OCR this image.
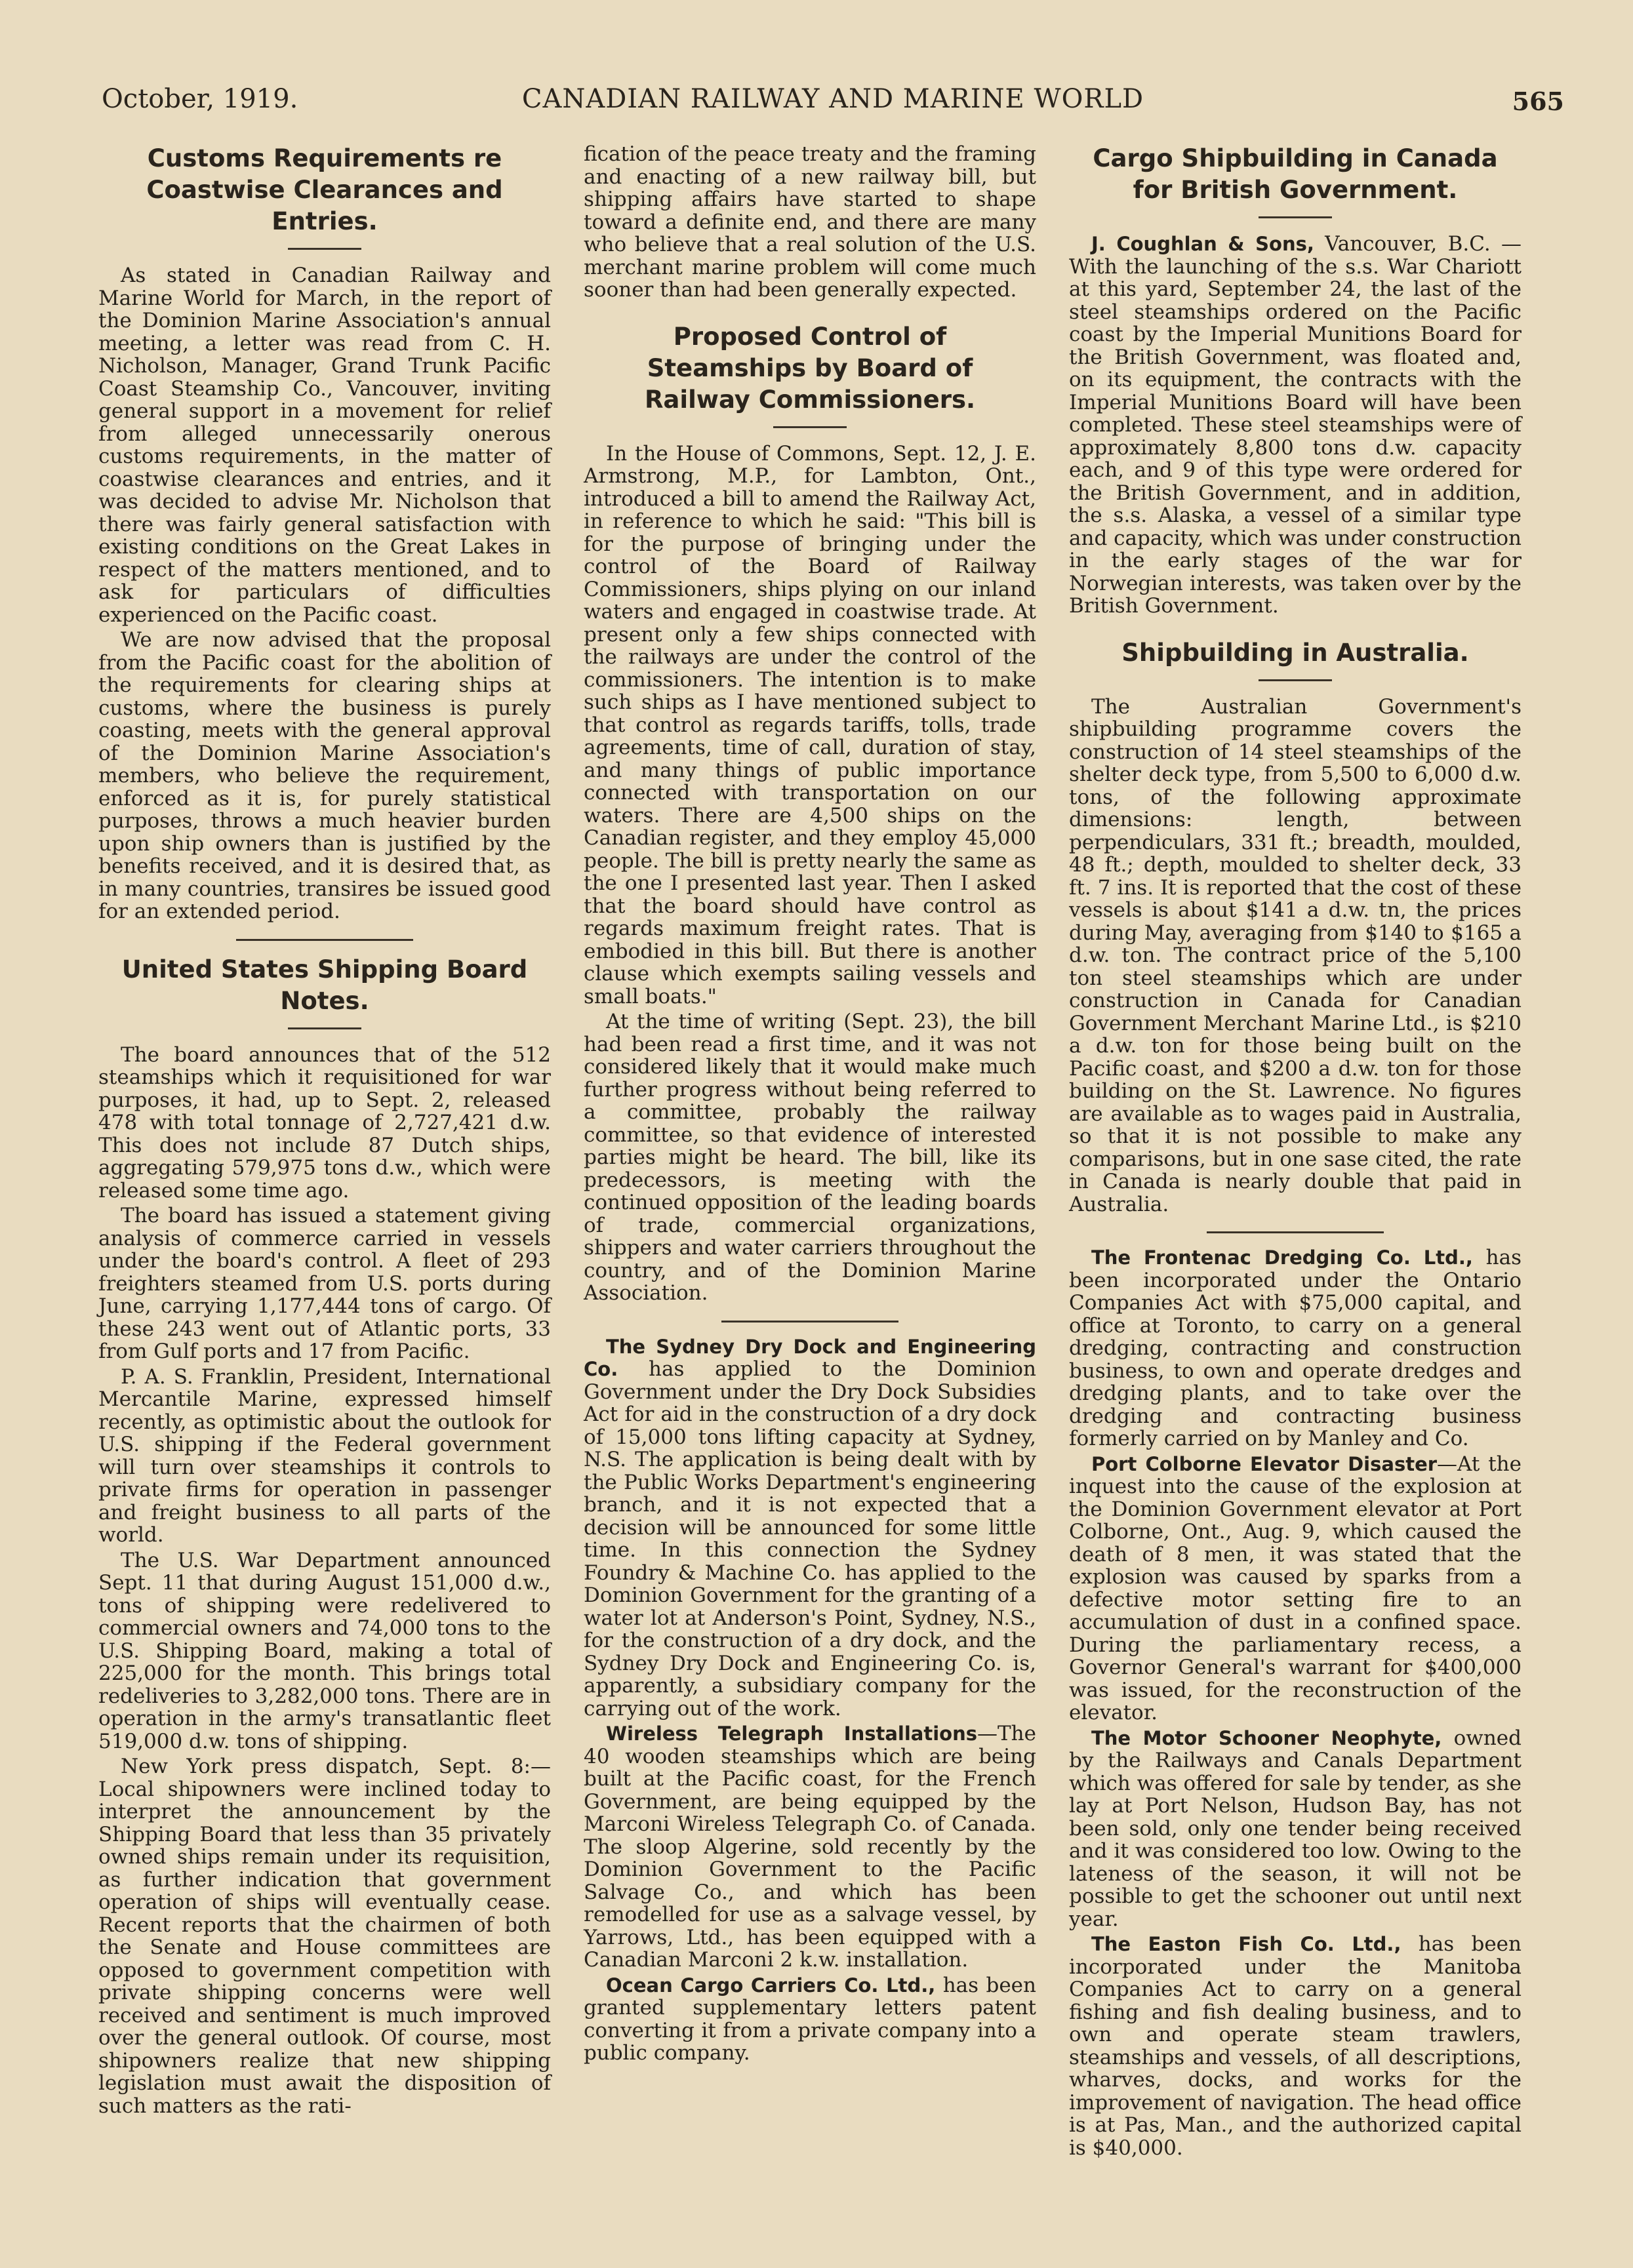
October, 1919.	CANADIAN RAILWAY AND MARINE WORLD	565
Customs Requirements re Coastwise Clearances and Entries.

As stated in Canadian Railway and Marine World for March, in the report of the Dominion Marine Association's annual meeting, a letter was read from C. H. Nicholson, Manager, Grand Trunk Pacific Coast Steamship Co., Vancouver, inviting general support in a movement for relief from alleged unnecessarily onerous customs requirements, in the matter of coastwise clearances and entries, and it was decided to advise Mr. Nicholson that there was fairly general satisfaction with existing conditions on the Great Lakes in respect of the matters mentioned, and to ask for particulars of difficulties experienced on the Pacific coast.

We are now advised that the proposal from the Pacific coast for the abolition of the requirements for clearing ships at customs, where the business is purely coasting, meets with the general approval of the Dominion Marine Association's members, who believe the requirement, enforced as it is, for purely statistical purposes, throws a much heavier burden upon ship owners than is justified by the benefits received, and it is desired that, as in many countries, transires be issued good for an extended period.

United States Shipping Board Notes.

The board announces that of the 512 steamships which it requisitioned for war purposes, it had, up to Sept. 2, released 478 with total tonnage of 2,727,421 d.w. This does not include 87 Dutch ships, aggregating 579,975 tons d.w., which were released some time ago.

The board has issued a statement giving analysis of commerce carried in vessels under the board's control. A fleet of 293 freighters steamed from U.S. ports during June, carrying 1,177,444 tons of cargo. Of these 243 went out of Atlantic ports, 33 from Gulf ports and 17 from Pacific.

P. A. S. Franklin, President, International Mercantile Marine, expressed himself recently, as optimistic about the outlook for U.S. shipping if the Federal government will turn over steamships it controls to private firms for operation in passenger and freight business to all parts of the world.

The U.S. War Department announced Sept. 11 that during August 151,000 d.w., tons of shipping were redelivered to commercial owners and 74,000 tons to the U.S. Shipping Board, making a total of 225,000 for the month. This brings total redeliveries to 3,282,000 tons. There are in operation in the army's transatlantic fleet 519,000 d.w. tons of shipping.

New York press dispatch, Sept. 8:— Local shipowners were inclined today to interpret the announcement by the Shipping Board that less than 35 privately owned ships remain under its requisition, as further indication that government operation of ships will eventually cease. Recent reports that the chairmen of both the Senate and House committees are opposed to government competition with private shipping concerns were well received and sentiment is much improved over the general outlook. Of course, most shipowners realize that new shipping legislation must await the disposition of such matters as the rati-

fication of the peace treaty and the framing and enacting of a new railway bill, but shipping affairs have started to shape toward a definite end, and there are many who believe that a real solution of the U.S. merchant marine problem will come much sooner than had been generally expected.

Proposed Control of Steamships by Board of Railway Commissioners.

In the House of Commons, Sept. 12, J. E. Armstrong, M.P., for Lambton, Ont., introduced a bill to amend the Railway Act, in reference to which he said: "This bill is for the purpose of bringing under the control of the Board of Railway Commissioners, ships plying on our inland waters and engaged in coastwise trade. At present only a few ships connected with the railways are under the control of the commissioners. The intention is to make such ships as I have mentioned subject to that control as regards tariffs, tolls, trade agreements, time of call, duration of stay, and many things of public importance connected with transportation on our waters. There are 4,500 ships on the Canadian register, and they employ 45,000 people. The bill is pretty nearly the same as the one I presented last year. Then I asked that the board should have control as regards maximum freight rates. That is embodied in this bill. But there is another clause which exempts sailing vessels and small boats."

At the time of writing (Sept. 23), the bill had been read a first time, and it was not considered likely that it would make much further progress without being referred to a committee, probably the railway committee, so that evidence of interested parties might be heard. The bill, like its predecessors, is meeting with the continued opposition of the leading boards of trade, commercial organizations, shippers and water carriers throughout the country, and of the Dominion Marine Association.

The Sydney Dry Dock and Engineering Co. has applied to the Dominion Government under the Dry Dock Subsidies Act for aid in the construction of a dry dock of 15,000 tons lifting capacity at Sydney, N.S. The application is being dealt with by the Public Works Department's engineering branch, and it is not expected that a decision will be announced for some little time. In this connection the Sydney Foundry & Machine Co. has applied to the Dominion Government for the granting of a water lot at Anderson's Point, Sydney, N.S., for the construction of a dry dock, and the Sydney Dry Dock and Engineering Co. is, apparently, a subsidiary company for the carrying out of the work.

Wireless Telegraph Installations—The 40 wooden steamships which are being built at the Pacific coast, for the French Government, are being equipped by the Marconi Wireless Telegraph Co. of Canada. The sloop Algerine, sold recently by the Dominion Government to the Pacific Salvage Co., and which has been remodelled for use as a salvage vessel, by Yarrows, Ltd., has been equipped with a Canadian Marconi 2 k.w. installation.

Ocean Cargo Carriers Co. Ltd., has been granted supplementary letters patent converting it from a private company into a public company.

Cargo Shipbuilding in Canada for British Government.

J. Coughlan & Sons, Vancouver, B.C. —With the launching of the s.s. War Chariott at this yard, September 24, the last of the steel steamships ordered on the Pacific coast by the Imperial Munitions Board for the British Government, was floated and, on its equipment, the contracts with the Imperial Munitions Board will have been completed. These steel steamships were of approximately 8,800 tons d.w. capacity each, and 9 of this type were ordered for the British Government, and in addition, the s.s. Alaska, a vessel of a similar type and capacity, which was under construction in the early stages of the war for Norwegian interests, was taken over by the British Government.

Shipbuilding in Australia.

The Australian Government's shipbuilding programme covers the construction of 14 steel steamships of the shelter deck type, from 5,500 to 6,000 d.w. tons, of the following approximate dimensions: length, between perpendiculars, 331 ft.; breadth, moulded, 48 ft.; depth, moulded to shelter deck, 33 ft. 7 ins. It is reported that the cost of these vessels is about $141 a d.w. tn, the prices during May, averaging from $140 to $165 a d.w. ton. The contract price of the 5,100 ton steel steamships which are under construction in Canada for Canadian Government Merchant Marine Ltd., is $210 a d.w. ton for those being built on the Pacific coast, and $200 a d.w. ton for those building on the St. Lawrence. No figures are available as to wages paid in Australia, so that it is not possible to make any comparisons, but in one sase cited, the rate in Canada is nearly double that paid in Australia.

The Frontenac Dredging Co. Ltd., has been incorporated under the Ontario Companies Act with $75,000 capital, and office at Toronto, to carry on a general dredging, contracting and construction business, to own and operate dredges and dredging plants, and to take over the dredging and contracting business formerly carried on by Manley and Co.

Port Colborne Elevator Disaster—At the inquest into the cause of the explosion at the Dominion Government elevator at Port Colborne, Ont., Aug. 9, which caused the death of 8 men, it was stated that the explosion was caused by sparks from a defective motor setting fire to an accumulation of dust in a confined space. During the parliamentary recess, a Governor General's warrant for $400,000 was issued, for the reconstruction of the elevator.

The Motor Schooner Neophyte, owned by the Railways and Canals Department which was offered for sale by tender, as she lay at Port Nelson, Hudson Bay, has not been sold, only one tender being received and it was considered too low. Owing to the lateness of the season, it will not be possible to get the schooner out until next year.

The Easton Fish Co. Ltd., has been incorporated under the Manitoba Companies Act to carry on a general fishing and fish dealing business, and to own and operate steam trawlers, steamships and vessels, of all descriptions, wharves, docks, and works for the improvement of navigation. The head office is at Pas, Man., and the authorized capital is $40,000.
